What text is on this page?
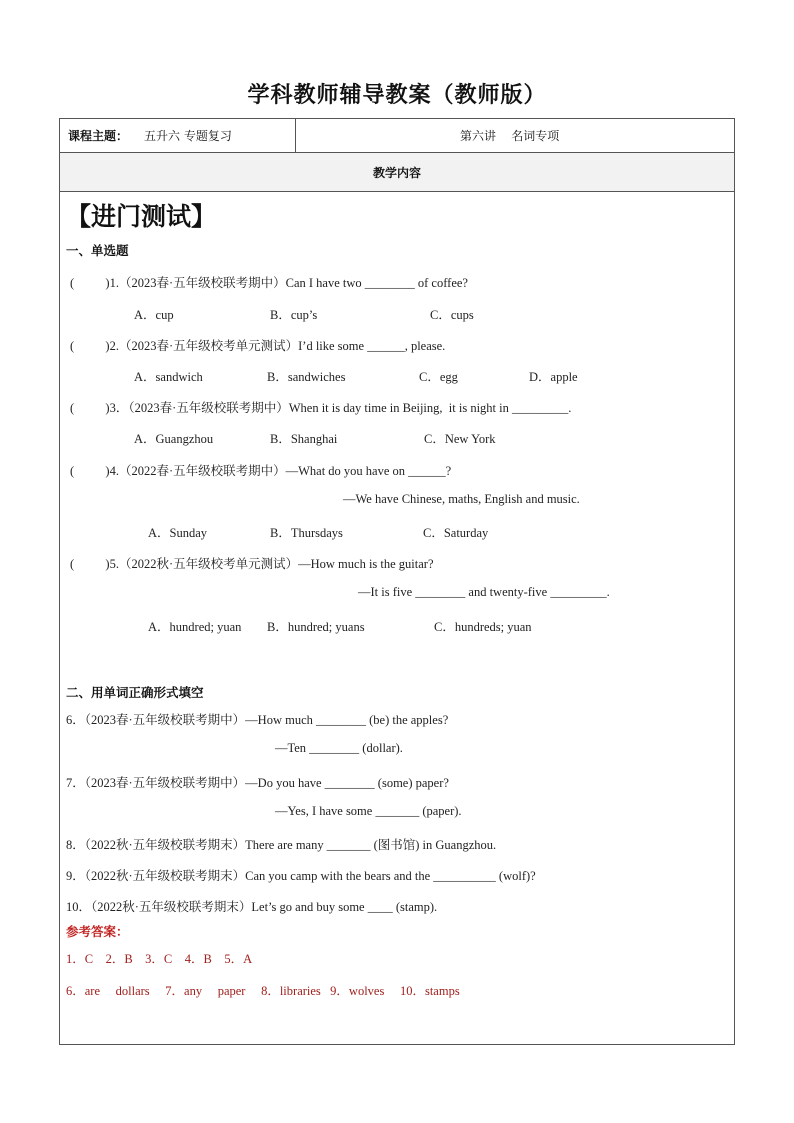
学科教师辅导教案（教师版）
课程主题： 五升六 专题复习	第六讲    名词专项
教学内容
【进门测试】
一、单选题
(          )1.（2023春·五年级校联考期中）Can I have two ________ of coffee?
A．cup	B．cup’s	C．cups
(          )2.（2023春·五年级校考单元测试）I’d like some ______, please.
A．sandwich	B．sandwiches	C．egg	D．apple
(          )3．（2023春·五年级校联考期中）When it is day time in Beijing,  it is night in _________.
A．Guangzhou	B．Shanghai	C．New York
(          )4.（2022春·五年级校联考期中）—What do you have on ______?
—We have Chinese, maths, English and music.
A．Sunday	B．Thursdays	C．Saturday
(          )5.（2022秋·五年级校考单元测试）—How much is the guitar?
—It is five ________ and twenty-five _________.
A．hundred; yuan B．hundred; yuans	C．hundreds; yuan
二、用单词正确形式填空
6．（2023春·五年级校联考期中）—How much ________ (be) the apples?
—Ten ________ (dollar).
7．（2023春·五年级校联考期中）—Do you have ________ (some) paper?
—Yes, I have some _______ (paper).
8．（2022秋·五年级校联考期末）There are many _______ (图书馆) in Guangzhou.
9．（2022秋·五年级校联考期末）Can you camp with the bears and the __________ (wolf)?
10．（2022秋·五年级校联考期末）Let’s go and buy some ____ (stamp).
参考答案：
1．C    2．B    3．C    4．B    5．A
6．are     dollars     7．any     paper     8．libraries   9．wolves     10．stamps
